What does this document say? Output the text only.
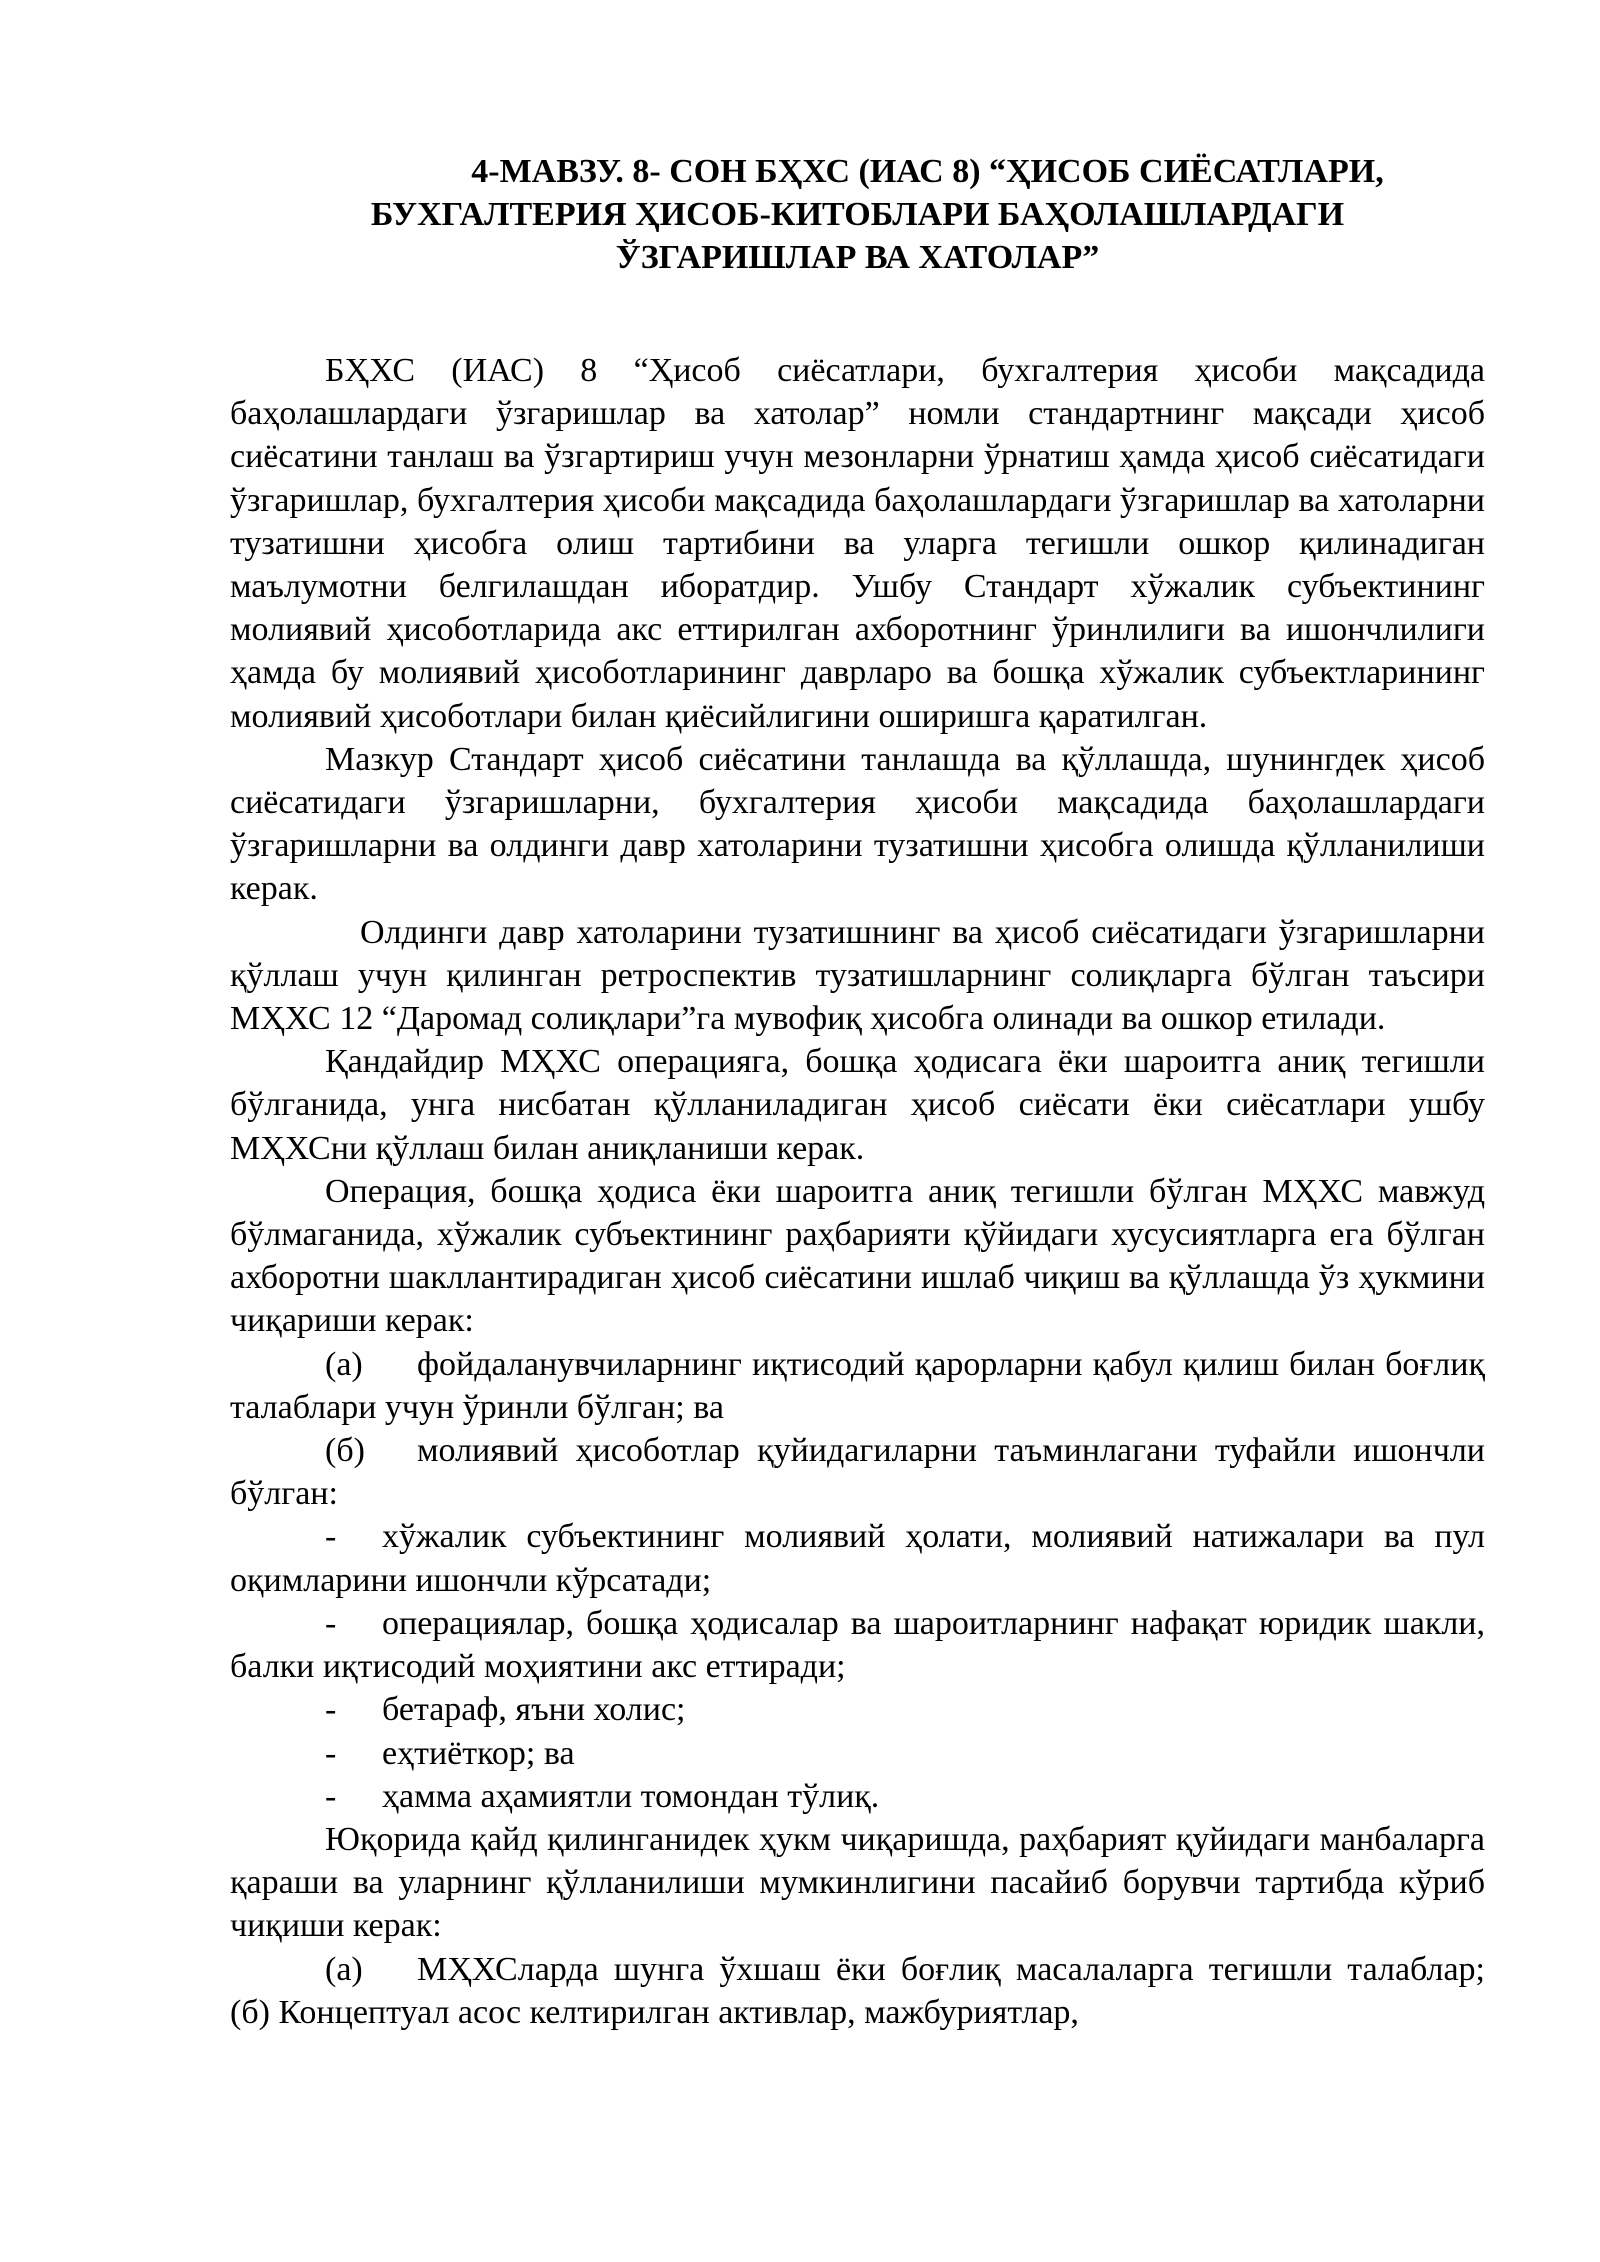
4-МАВЗУ. 8- СОН БҲХС (ИАС 8) “ҲИСОБ СИЁСАТЛАРИ,
БУХГАЛТЕРИЯ ҲИСОБ-КИТОБЛАРИ БАҲОЛАШЛАРДАГИ
ЎЗГАРИШЛАР ВА ХАТОЛАР”

БҲХС (ИАС) 8 “Ҳисоб сиёсатлари, бухгалтерия ҳисоби мақсадида баҳолашлардаги ўзгаришлар ва хатолар” номли стандартнинг мақсади ҳисоб сиёсатини танлаш ва ўзгартириш учун мезонларни ўрнатиш ҳамда ҳисоб сиёсатидаги ўзгаришлар, бухгалтерия ҳисоби мақсадида баҳолашлардаги ўзгаришлар ва хатоларни тузатишни ҳисобга олиш тартибини ва уларга тегишли ошкор қилинадиган маълумотни белгилашдан иборатдир. Ушбу Стандарт хўжалик субъектининг молиявий ҳисоботларида акс еттирилган ахборотнинг ўринлилиги ва ишончлилиги ҳамда бу молиявий ҳисоботларининг даврларо ва бошқа хўжалик субъектларининг молиявий ҳисоботлари билан қиёсийлигини оширишга қаратилган.

Мазкур Стандарт ҳисоб сиёсатини танлашда ва қўллашда, шунингдек ҳисоб сиёсатидаги ўзгаришларни, бухгалтерия ҳисоби мақсадида баҳолашлардаги ўзгаришларни ва олдинги давр хатоларини тузатишни ҳисобга олишда қўлланилиши керак.

Олдинги давр хатоларини тузатишнинг ва ҳисоб сиёсатидаги ўзгаришларни қўллаш учун қилинган ретроспектив тузатишларнинг солиқларга бўлган таъсири МҲХС 12 “Даромад солиқлари”га мувофиқ ҳисобга олинади ва ошкор етилади.

Қандайдир МҲХС операцияга, бошқа ҳодисага ёки шароитга аниқ тегишли бўлганида, унга нисбатан қўлланиладиган ҳисоб сиёсати ёки сиёсатлари ушбу МҲХСни қўллаш билан аниқланиши керак.

Операция, бошқа ҳодиса ёки шароитга аниқ тегишли бўлган МҲХС мавжуд бўлмаганида, хўжалик субъектининг раҳбарияти қўйидаги хусусиятларга ега бўлган ахборотни шакллантирадиган ҳисоб сиёсатини ишлаб чиқиш ва қўллашда ўз ҳукмини чиқариши керак:

(а) фойдаланувчиларнинг иқтисодий қарорларни қабул қилиш билан боғлиқ талаблари учун ўринли бўлган; ва

(б) молиявий ҳисоботлар қуйидагиларни таъминлагани туфайли ишончли бўлган:

- хўжалик субъектининг молиявий ҳолати, молиявий натижалари ва пул оқимларини ишончли кўрсатади;

- операциялар, бошқа ҳодисалар ва шароитларнинг нафақат юридик шакли, балки иқтисодий моҳиятини акс еттиради;

- бетараф, яъни холис;

- еҳтиёткор; ва

- ҳамма аҳамиятли томондан тўлиқ.

Юқорида қайд қилинганидек ҳукм чиқаришда, раҳбарият қуйидаги манбаларга қараши ва уларнинг қўлланилиши мумкинлигини пасайиб борувчи тартибда кўриб чиқиши керак:

(а) МҲХСларда шунга ўхшаш ёки боғлиқ масалаларга тегишли талаблар; (б) Концептуал асос келтирилган активлар, мажбуриятлар,
